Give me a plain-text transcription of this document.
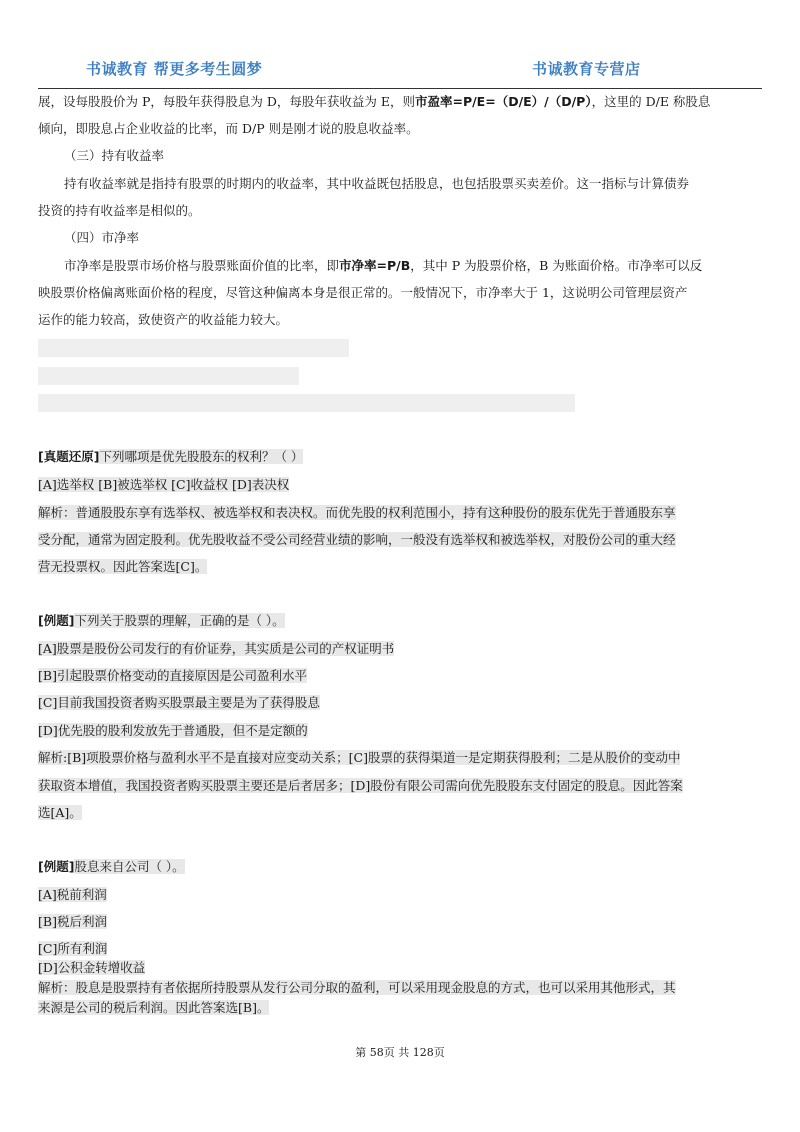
书诚教育 帮更多考生圆梦	书诚教育专营店
展，设每股股价为 P，每股年获得股息为 D，每股年获收益为 E，则市盈率=P/E=（D/E）/（D/P），这里的 D/E 称股息
倾向，即股息占企业收益的比率，而 D/P 则是刚才说的股息收益率。
（三）持有收益率
持有收益率就是指持有股票的时期内的收益率，其中收益既包括股息，也包括股票买卖差价。这一指标与计算债券
投资的持有收益率是相似的。
（四）市净率
市净率是股票市场价格与股票账面价值的比率，即市净率=P/B，其中 P 为股票价格，B 为账面价格。市净率可以反
映股票价格偏离账面价格的程度，尽管这种偏离本身是很正常的。一般情况下，市净率大于 1，这说明公司管理层资产
运作的能力较高，致使资产的收益能力较大。
[真题还原]下列哪项是优先股股东的权利？（ ）
[A]选举权 [B]被选举权 [C]收益权 [D]表决权
解析：普通股股东享有选举权、被选举权和表决权。而优先股的权利范围小，持有这种股份的股东优先于普通股东享
受分配，通常为固定股利。优先股收益不受公司经营业绩的影响，一般没有选举权和被选举权，对股份公司的重大经
营无投票权。因此答案选[C]。
[例题]下列关于股票的理解，正确的是（ ）。
[A]股票是股份公司发行的有价证券，其实质是公司的产权证明书
[B]引起股票价格变动的直接原因是公司盈利水平
[C]目前我国投资者购买股票最主要是为了获得股息
[D]优先股的股利发放先于普通股，但不是定额的
解析:[B]项股票价格与盈利水平不是直接对应变动关系；[C]股票的获得渠道一是定期获得股利；二是从股价的变动中
获取资本增值，我国投资者购买股票主要还是后者居多；[D]股份有限公司需向优先股股东支付固定的股息。因此答案
选[A]。
[例题]股息来自公司（ ）。
[A]税前利润
[B]税后利润
[C]所有利润
[D]公积金转增收益
解析：股息是股票持有者依据所持股票从发行公司分取的盈利，可以采用现金股息的方式，也可以采用其他形式，其
来源是公司的税后利润。因此答案选[B]。
第 58页 共 128页
